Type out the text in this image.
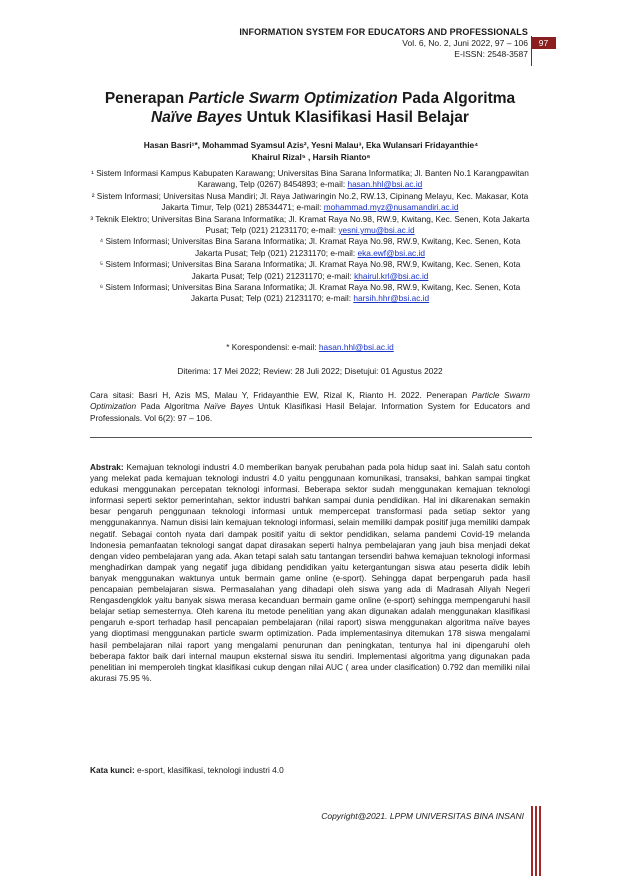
INFORMATION SYSTEM FOR EDUCATORS AND PROFESSIONALS
Vol. 6, No. 2, Juni 2022, 97 – 106
E-ISSN: 2548-3587
97
Penerapan Particle Swarm Optimization Pada Algoritma
Naïve Bayes Untuk Klasifikasi Hasil Belajar
Hasan Basri¹*, Mohammad Syamsul Azis², Yesni Malau³, Eka Wulansari Fridayanthie⁴
Khairul Rizal⁵ , Harsih Rianto⁶

¹ Sistem Informasi Kampus Kabupaten Karawang; Universitas Bina Sarana Informatika; Jl. Banten No.1 Karangpawitan Karawang, Telp (0267) 8454893; e-mail: hasan.hhl@bsi.ac.id

² Sistem Informasi; Universitas Nusa Mandiri; Jl. Raya Jatiwaringin No.2, RW.13, Cipinang Melayu, Kec. Makasar, Kota Jakarta Timur, Telp (021) 28534471; e-mail: mohammad.myz@nusamandiri.ac.id

³ Teknik Elektro; Universitas Bina Sarana Informatika; Jl. Kramat Raya No.98, RW.9, Kwitang, Kec. Senen, Kota Jakarta Pusat; Telp (021) 21231170; e-mail: yesni.ymu@bsi.ac.id

⁴ Sistem Informasi; Universitas Bina Sarana Informatika; Jl. Kramat Raya No.98, RW.9, Kwitang, Kec. Senen, Kota Jakarta Pusat; Telp (021) 21231170; e-mail: eka.ewf@bsi.ac.id

⁵ Sistem Informasi; Universitas Bina Sarana Informatika; Jl. Kramat Raya No.98, RW.9, Kwitang, Kec. Senen, Kota Jakarta Pusat; Telp (021) 21231170; e-mail: khairul.krl@bsi.ac.id

⁶ Sistem Informasi; Universitas Bina Sarana Informatika; Jl. Kramat Raya No.98, RW.9, Kwitang, Kec. Senen, Kota Jakarta Pusat; Telp (021) 21231170; e-mail: harsih.hhr@bsi.ac.id

* Korespondensi: e-mail: hasan.hhl@bsi.ac.id
Diterima: 17 Mei 2022; Review: 28 Juli 2022; Disetujui: 01 Agustus 2022
Cara sitasi: Basri H, Azis MS, Malau Y, Fridayanthie EW, Rizal K, Rianto H. 2022. Penerapan Particle Swarm Optimization Pada Algoritma Naïve Bayes Untuk Klasifikasi Hasil Belajar. Information System for Educators and Professionals. Vol 6(2): 97 – 106.
Abstrak: Kemajuan teknologi industri 4.0 memberikan banyak perubahan pada pola hidup saat ini. Salah satu contoh yang melekat pada kemajuan teknologi industri 4.0 yaitu penggunaan komunikasi, transaksi, bahkan sampai tingkat edukasi menggunakan percepatan teknologi informasi. Beberapa sektor sudah menggunakan kemajuan teknologi informasi seperti sektor pemerintahan, sektor industri bahkan sampai dunia pendidikan. Hal ini dikarenakan semakin besar pengaruh penggunaan teknologi informasi untuk mempercepat transformasi pada setiap sektor yang menggunakannya. Namun disisi lain kemajuan teknologi informasi, selain memiliki dampak positif juga memiliki dampak negatif. Sebagai contoh nyata dari dampak positif yaitu di sektor pendidikan, selama pandemi Covid-19 melanda Indonesia pemanfaatan teknologi sangat dapat dirasakan seperti halnya pembelajaran yang jauh bisa menjadi dekat dengan video pembelajaran yang ada. Akan tetapi salah satu tantangan tersendiri bahwa kemajuan teknologi informasi menghadirkan dampak yang negatif juga dibidang pendidikan yaitu ketergantungan siswa atau peserta didik lebih banyak menggunakan waktunya untuk bermain game online (e-sport). Sehingga dapat berpengaruh pada hasil pencapaian pembelajaran siswa. Permasalahan yang dihadapi oleh siswa yang ada di Madrasah Aliyah Negeri Rengasdengklok yaitu banyak siswa merasa kecanduan bermain game online (e-sport) sehingga mempengaruhi hasil belajar setiap semesternya. Oleh karena itu metode penelitian yang akan digunakan adalah menggunakan klasifikasi pengaruh e-sport terhadap hasil pencapaian pembelajaran (nilai raport) siswa menggunakan algoritma naïve bayes yang dioptimasi menggunakan particle swarm optimization. Pada implementasinya ditemukan 178 siswa mengalami hasil pembelajaran nilai raport yang mengalami penurunan dan peningkatan, tentunya hal ini dipengaruhi oleh beberapa faktor baik dari internal maupun eksternal siswa itu sendiri. Implementasi algoritma yang digunakan pada penelitian ini memperoleh tingkat klasifikasi cukup dengan nilai AUC ( area under clasification) 0.792 dan memiliki nilai akurasi 75.95 %.
Kata kunci: e-sport, klasifikasi, teknologi industri 4.0
Copyright@2021. LPPM UNIVERSITAS BINA INSANI
